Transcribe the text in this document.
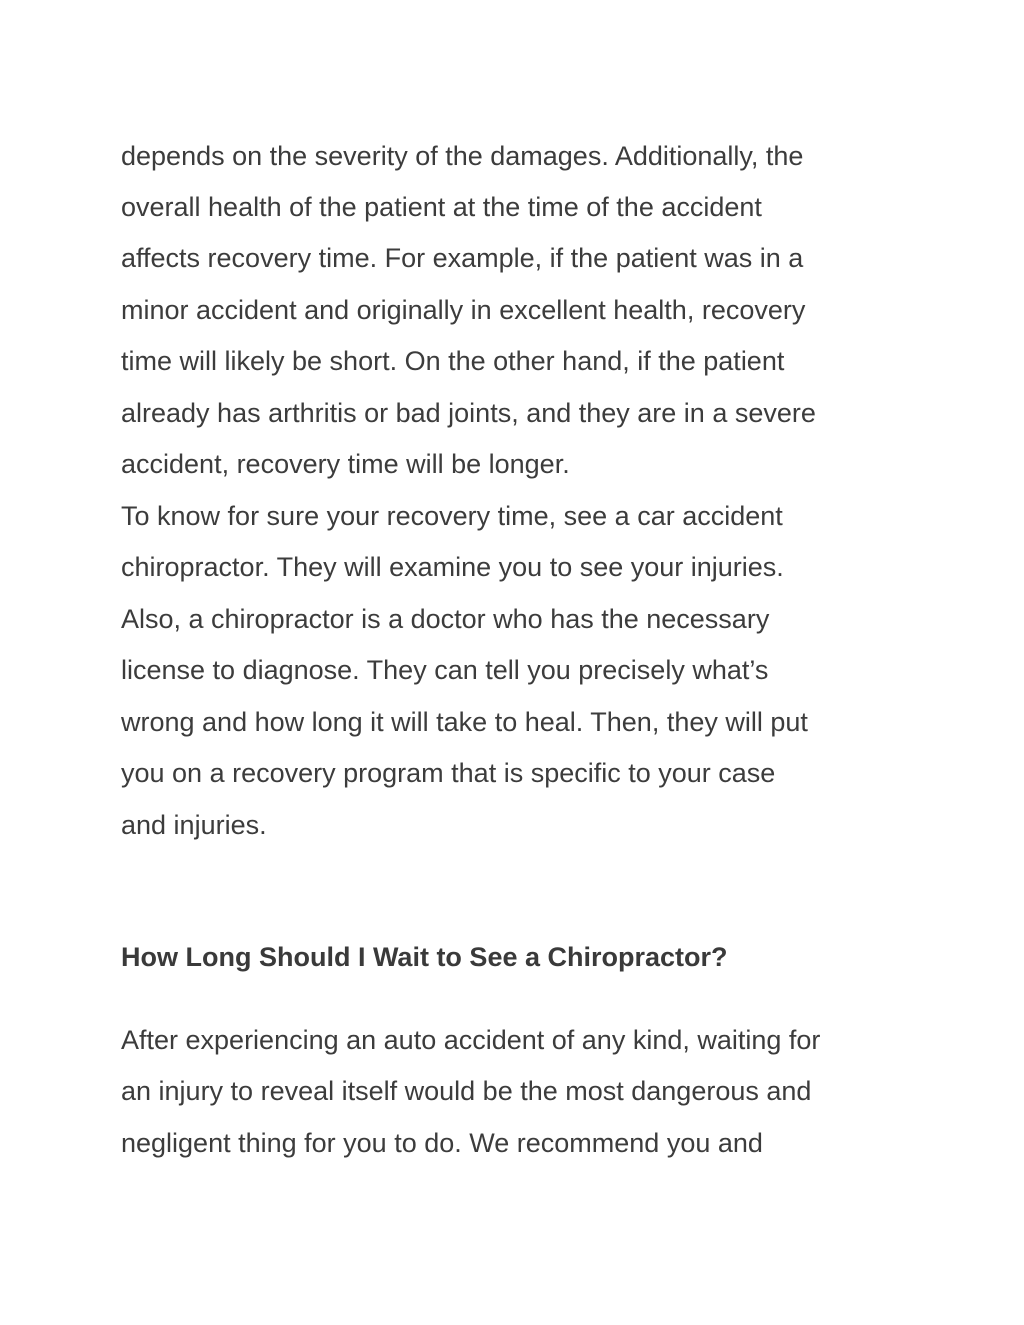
depends on the severity of the damages. Additionally, the

overall health of the patient at the time of the accident

affects recovery time. For example, if the patient was in a

minor accident and originally in excellent health, recovery

time will likely be short. On the other hand, if the patient

already has arthritis or bad joints, and they are in a severe

accident, recovery time will be longer.

To know for sure your recovery time, see a car accident

chiropractor. They will examine you to see your injuries.

Also, a chiropractor is a doctor who has the necessary

license to diagnose. They can tell you precisely what’s

wrong and how long it will take to heal. Then, they will put

you on a recovery program that is specific to your case

and injuries.

How Long Should I Wait to See a Chiropractor?

After experiencing an auto accident of any kind, waiting for

an injury to reveal itself would be the most dangerous and

negligent thing for you to do. We recommend you and
